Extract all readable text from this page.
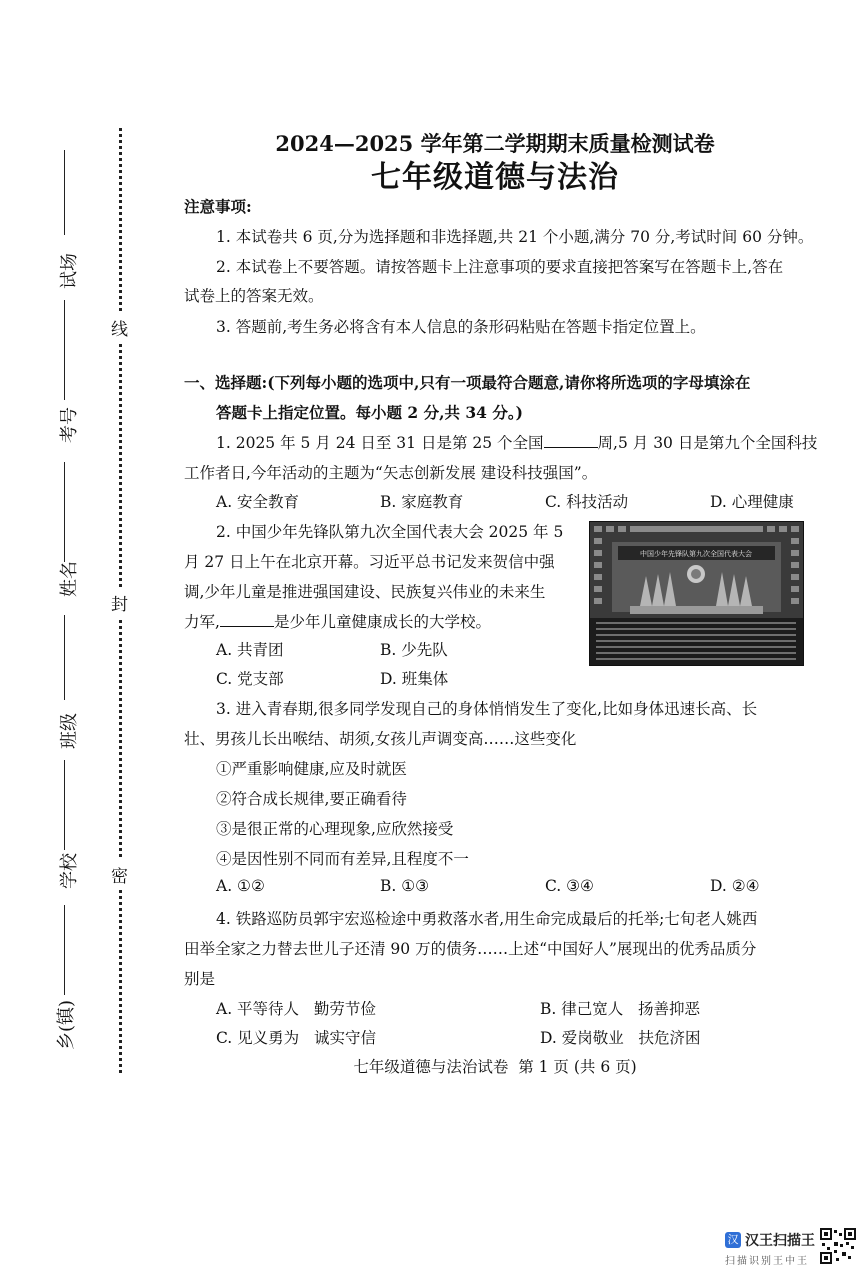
线
封
密
试场
考号
姓名
班级
学校
乡(镇)
2024—2025 学年第二学期期末质量检测试卷
七年级道德与法治
注意事项:
1. 本试卷共 6 页,分为选择题和非选择题,共 21 个小题,满分 70 分,考试时间 60 分钟。
2. 本试卷上不要答题。请按答题卡上注意事项的要求直接把答案写在答题卡上,答在
试卷上的答案无效。
3. 答题前,考生务必将含有本人信息的条形码粘贴在答题卡指定位置上。
一、选择题:(下列每小题的选项中,只有一项最符合题意,请你将所选项的字母填涂在
答题卡上指定位置。每小题 2 分,共 34 分。)
1. 2025 年 5 月 24 日至 31 日是第 25 个全国	周,5 月 30 日是第九个全国科技
工作者日,今年活动的主题为“矢志创新发展 建设科技强国”。
A. 安全教育	B. 家庭教育	C. 科技活动	D. 心理健康
2. 中国少年先锋队第九次全国代表大会 2025 年 5
月 27 日上午在北京开幕。习近平总书记发来贺信中强
调,少年儿童是推进强国建设、民族复兴伟业的未来生
力军,	是少年儿童健康成长的大学校。
A. 共青团	B. 少先队
C. 党支部	D. 班集体
中国少年先锋队第九次全国代表大会
3. 进入青春期,很多同学发现自己的身体悄悄发生了变化,比如身体迅速长高、长
壮、男孩儿长出喉结、胡须,女孩儿声调变高……这些变化
①严重影响健康,应及时就医
②符合成长规律,要正确看待
③是很正常的心理现象,应欣然接受
④是因性别不同而有差异,且程度不一
A. ①②	B. ①③	C. ③④	D. ②④
4. 铁路巡防员郭宇宏巡检途中勇救落水者,用生命完成最后的托举;七旬老人姚西
田举全家之力替去世儿子还清 90 万的债务……上述“中国好人”展现出的优秀品质分
别是
A. 平等待人   勤劳节俭	B. 律己宽人   扬善抑恶
C. 见义勇为   诚实守信	D. 爱岗敬业   扶危济困
七年级道德与法治试卷  第 1 页 (共 6 页)
汉 汉王扫描王
扫描识别王中王
